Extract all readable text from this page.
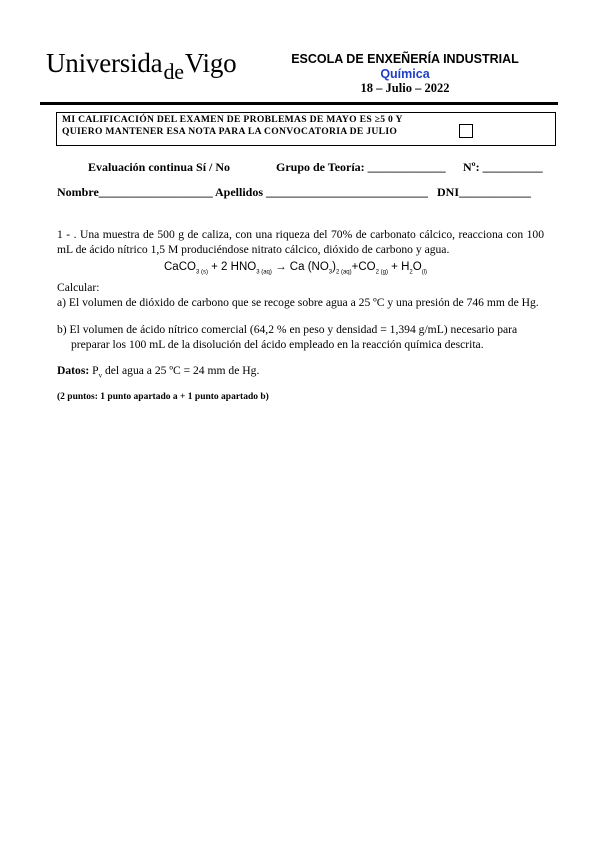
Universida$_{de}$Vigo	ESCOLA DE ENXEÑERÍA INDUSTRIAL
Química
18 – Julio – 2022
MI CALIFICACIÓN DEL EXAMEN DE PROBLEMAS DE MAYO ES ≥5 0 Y QUIERO MANTENER ESA NOTA PARA LA CONVOCATORIA DE JULIO
Evaluación continua Sí / No	Grupo de Teoría: _____________ Nº: __________
Nombre___________________ Apellidos ___________________________ DNI____________
1 - . Una muestra de 500 g de caliza, con una riqueza del 70% de carbonato cálcico, reacciona con 100 mL de ácido nítrico 1,5 M produciéndose nitrato cálcico, dióxido de carbono y agua.
CaCO$_{3 (s)}$ + 2 $HNO_{3 (aq)} \to Ca$ $(NO_3)_{2 (aq)}+CO_{2 (g)} + H_2O_{(l)}$
Calcular:
a) El volumen de dióxido de carbono que se recoge sobre agua a 25 ºC y una presión de 746 mm de Hg.
b) El volumen de ácido nítrico comercial (64,2 % en peso y densidad = 1,394 g/mL) necesario para preparar los 100 mL de la disolución del ácido empleado en la reacción química descrita.
Datos: $P_v$ del agua a 25 ºC = 24 mm de Hg.
(2 puntos: 1 punto apartado a + 1 punto apartado b)
